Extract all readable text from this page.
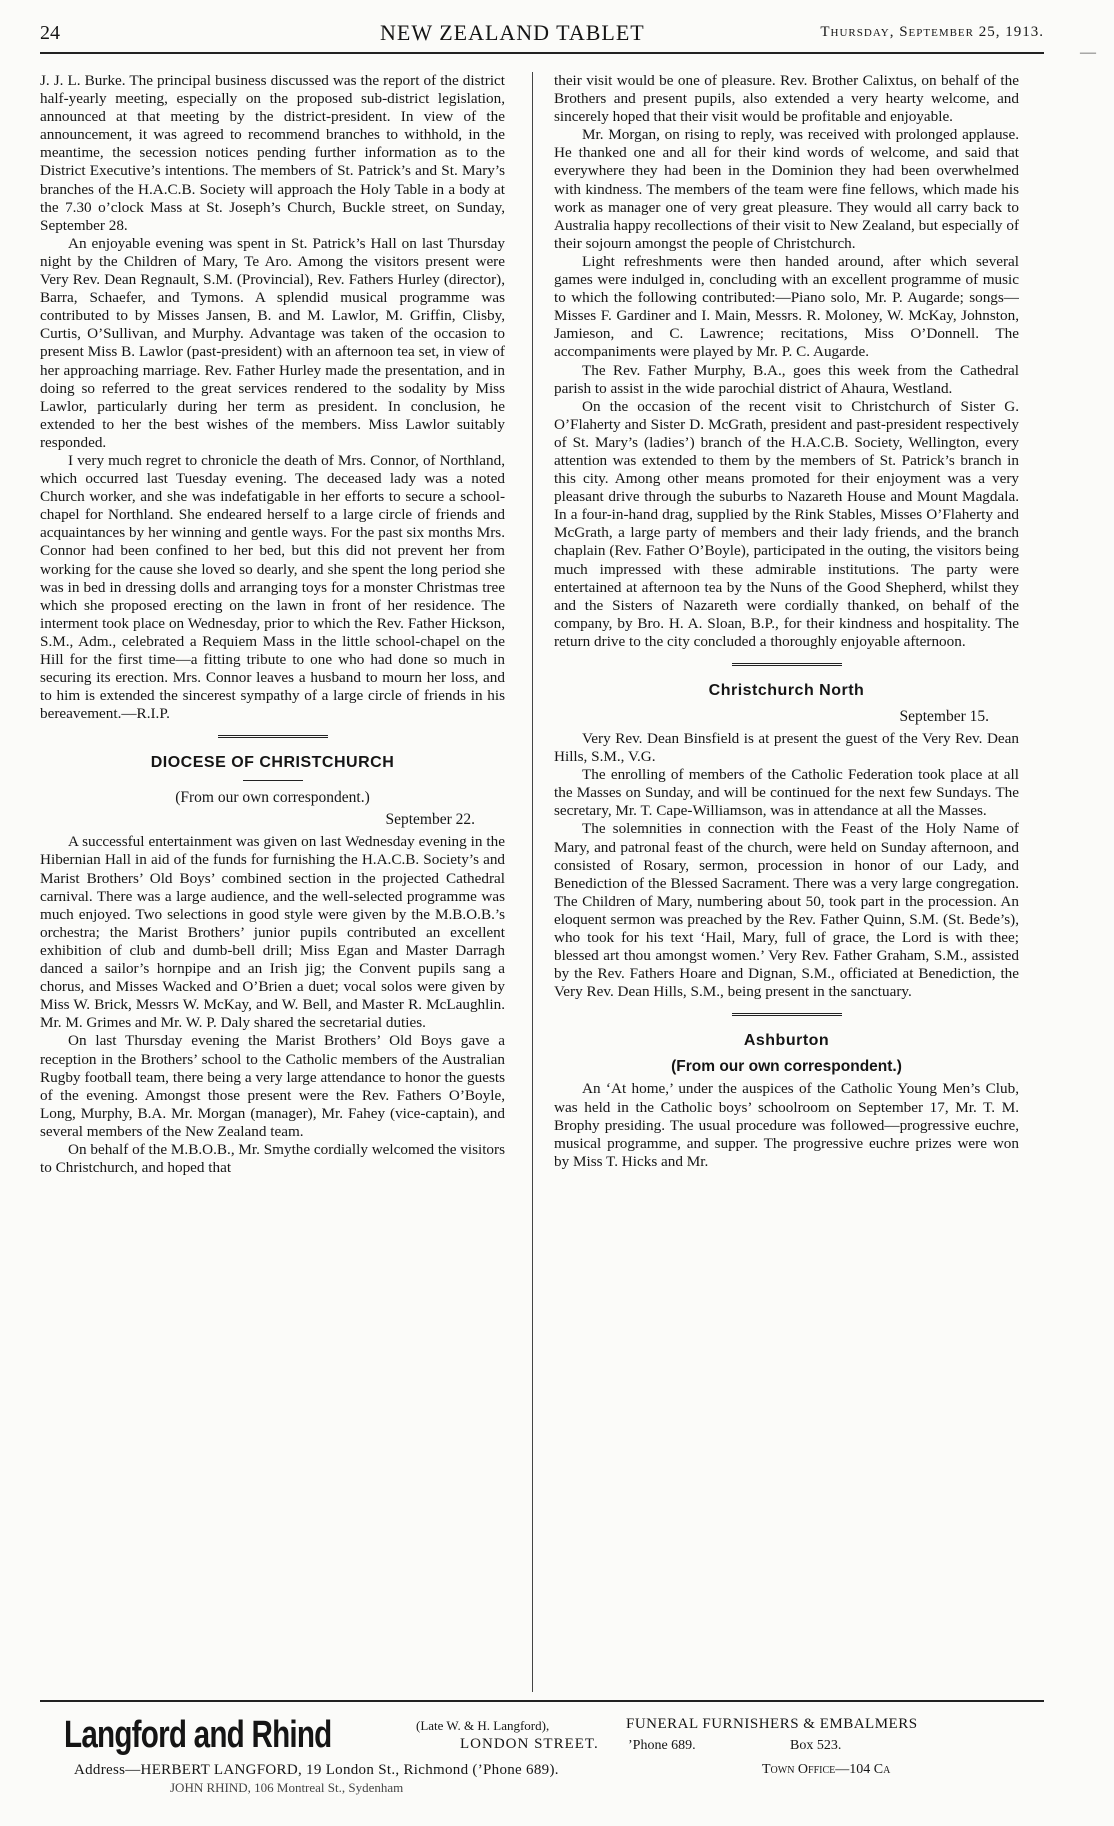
24	NEW ZEALAND TABLET	Thursday, September 25, 1913.
—

J. J. L. Burke. The principal business discussed was the report of the district half-yearly meeting, especially on the proposed sub-district legislation, announced at that meeting by the district-president. In view of the announcement, it was agreed to recommend branches to withhold, in the meantime, the secession notices pending further information as to the District Executive’s intentions. The members of St. Patrick’s and St. Mary’s branches of the H.A.C.B. Society will approach the Holy Table in a body at the 7.30 o’clock Mass at St. Joseph’s Church, Buckle street, on Sunday, September 28.

An enjoyable evening was spent in St. Patrick’s Hall on last Thursday night by the Children of Mary, Te Aro. Among the visitors present were Very Rev. Dean Regnault, S.M. (Provincial), Rev. Fathers Hurley (director), Barra, Schaefer, and Tymons. A splendid musical programme was contributed to by Misses Jansen, B. and M. Lawlor, M. Griffin, Clisby, Curtis, O’Sullivan, and Murphy. Advantage was taken of the occasion to present Miss B. Lawlor (past-president) with an afternoon tea set, in view of her approaching marriage. Rev. Father Hurley made the presentation, and in doing so referred to the great services rendered to the sodality by Miss Lawlor, particularly during her term as president. In conclusion, he extended to her the best wishes of the members. Miss Lawlor suitably responded.

I very much regret to chronicle the death of Mrs. Connor, of Northland, which occurred last Tuesday evening. The deceased lady was a noted Church worker, and she was indefatigable in her efforts to secure a school-chapel for Northland. She endeared herself to a large circle of friends and acquaintances by her winning and gentle ways. For the past six months Mrs. Connor had been confined to her bed, but this did not prevent her from working for the cause she loved so dearly, and she spent the long period she was in bed in dressing dolls and arranging toys for a monster Christmas tree which she proposed erecting on the lawn in front of her residence. The interment took place on Wednesday, prior to which the Rev. Father Hickson, S.M., Adm., celebrated a Requiem Mass in the little school-chapel on the Hill for the first time—a fitting tribute to one who had done so much in securing its erection. Mrs. Connor leaves a husband to mourn her loss, and to him is extended the sincerest sympathy of a large circle of friends in his bereavement.—R.I.P.

DIOCESE OF CHRISTCHURCH
(From our own correspondent.)
September 22.

A successful entertainment was given on last Wednesday evening in the Hibernian Hall in aid of the funds for furnishing the H.A.C.B. Society’s and Marist Brothers’ Old Boys’ combined section in the projected Cathedral carnival. There was a large audience, and the well-selected programme was much enjoyed. Two selections in good style were given by the M.B.O.B.’s orchestra; the Marist Brothers’ junior pupils contributed an excellent exhibition of club and dumb-bell drill; Miss Egan and Master Darragh danced a sailor’s hornpipe and an Irish jig; the Convent pupils sang a chorus, and Misses Wacked and O’Brien a duet; vocal solos were given by Miss W. Brick, Messrs W. McKay, and W. Bell, and Master R. McLaughlin. Mr. M. Grimes and Mr. W. P. Daly shared the secretarial duties.

On last Thursday evening the Marist Brothers’ Old Boys gave a reception in the Brothers’ school to the Catholic members of the Australian Rugby football team, there being a very large attendance to honor the guests of the evening. Amongst those present were the Rev. Fathers O’Boyle, Long, Murphy, B.A. Mr. Morgan (manager), Mr. Fahey (vice-captain), and several members of the New Zealand team.

On behalf of the M.B.O.B., Mr. Smythe cordially welcomed the visitors to Christchurch, and hoped that

their visit would be one of pleasure. Rev. Brother Calixtus, on behalf of the Brothers and present pupils, also extended a very hearty welcome, and sincerely hoped that their visit would be profitable and enjoyable.

Mr. Morgan, on rising to reply, was received with prolonged applause. He thanked one and all for their kind words of welcome, and said that everywhere they had been in the Dominion they had been overwhelmed with kindness. The members of the team were fine fellows, which made his work as manager one of very great pleasure. They would all carry back to Australia happy recollections of their visit to New Zealand, but especially of their sojourn amongst the people of Christchurch.

Light refreshments were then handed around, after which several games were indulged in, concluding with an excellent programme of music to which the following contributed:—Piano solo, Mr. P. Augarde; songs—Misses F. Gardiner and I. Main, Messrs. R. Moloney, W. McKay, Johnston, Jamieson, and C. Lawrence; recitations, Miss O’Donnell. The accompaniments were played by Mr. P. C. Augarde.

The Rev. Father Murphy, B.A., goes this week from the Cathedral parish to assist in the wide parochial district of Ahaura, Westland.

On the occasion of the recent visit to Christchurch of Sister G. O’Flaherty and Sister D. McGrath, president and past-president respectively of St. Mary’s (ladies’) branch of the H.A.C.B. Society, Wellington, every attention was extended to them by the members of St. Patrick’s branch in this city. Among other means promoted for their enjoyment was a very pleasant drive through the suburbs to Nazareth House and Mount Magdala. In a four-in-hand drag, supplied by the Rink Stables, Misses O’Flaherty and McGrath, a large party of members and their lady friends, and the branch chaplain (Rev. Father O’Boyle), participated in the outing, the visitors being much impressed with these admirable institutions. The party were entertained at afternoon tea by the Nuns of the Good Shepherd, whilst they and the Sisters of Nazareth were cordially thanked, on behalf of the company, by Bro. H. A. Sloan, B.P., for their kindness and hospitality. The return drive to the city concluded a thoroughly enjoyable afternoon.

Christchurch North
September 15.

Very Rev. Dean Binsfield is at present the guest of the Very Rev. Dean Hills, S.M., V.G.

The enrolling of members of the Catholic Federation took place at all the Masses on Sunday, and will be continued for the next few Sundays. The secretary, Mr. T. Cape-Williamson, was in attendance at all the Masses.

The solemnities in connection with the Feast of the Holy Name of Mary, and patronal feast of the church, were held on Sunday afternoon, and consisted of Rosary, sermon, procession in honor of our Lady, and Benediction of the Blessed Sacrament. There was a very large congregation. The Children of Mary, numbering about 50, took part in the procession. An eloquent sermon was preached by the Rev. Father Quinn, S.M. (St. Bede’s), who took for his text ‘Hail, Mary, full of grace, the Lord is with thee; blessed art thou amongst women.’ Very Rev. Father Graham, S.M., assisted by the Rev. Fathers Hoare and Dignan, S.M., officiated at Benediction, the Very Rev. Dean Hills, S.M., being present in the sanctuary.

Ashburton
(From our own correspondent.)

An ‘At home,’ under the auspices of the Catholic Young Men’s Club, was held in the Catholic boys’ schoolroom on September 17, Mr. T. M. Brophy presiding. The usual procedure was followed—progressive euchre, musical programme, and supper. The progressive euchre prizes were won by Miss T. Hicks and Mr.

Langford and Rhind	(Late W. & H. Langford),
LONDON STREET.
FUNERAL FURNISHERS & EMBALMERS
’Phone 689.	Box 523.
Address—HERBERT LANGFORD, 19 London St., Richmond (’Phone 689).	Town Office—104 Ca
JOHN RHIND, 106 Montreal St., Sydenham
